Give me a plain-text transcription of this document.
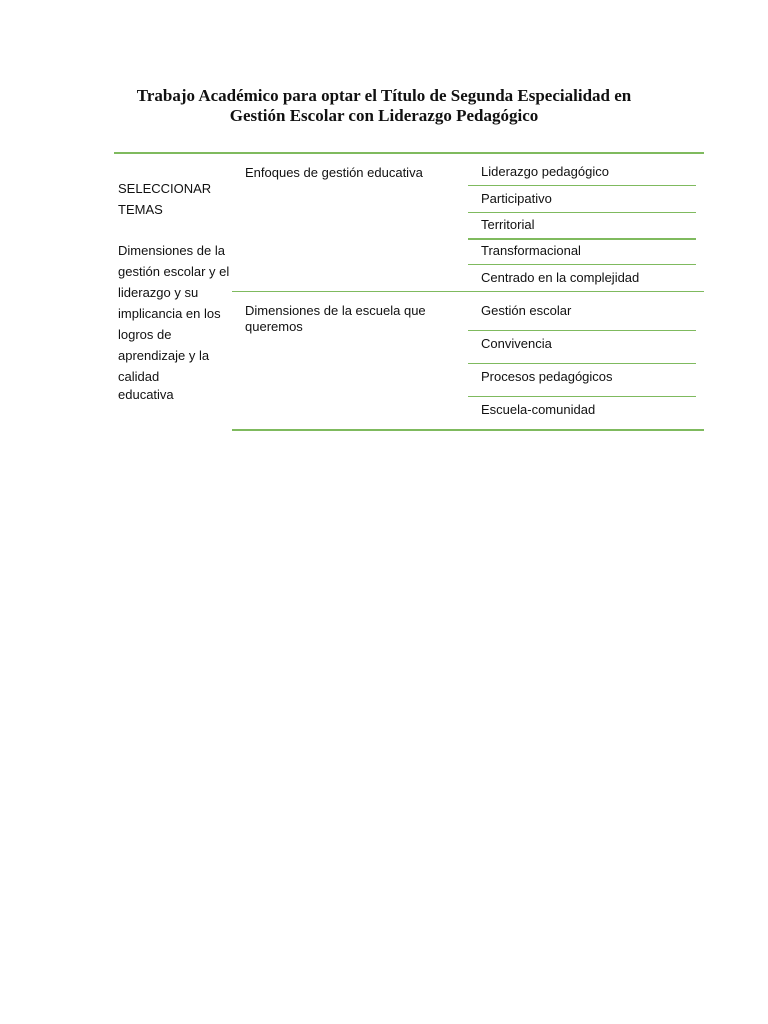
Trabajo Académico para optar el Título de Segunda Especialidad en
Gestión Escolar con Liderazgo Pedagógico
SELECCIONAR TEMAS
Dimensiones de la gestión escolar y el liderazgo y su implicancia en los logros de aprendizaje y la calidad
educativa
Enfoques de gestión educativa
Dimensiones de la escuela que queremos
Liderazgo pedagógico
Participativo
Territorial
Transformacional
Centrado en la complejidad
Gestión escolar
Convivencia
Procesos pedagógicos
Escuela-comunidad
